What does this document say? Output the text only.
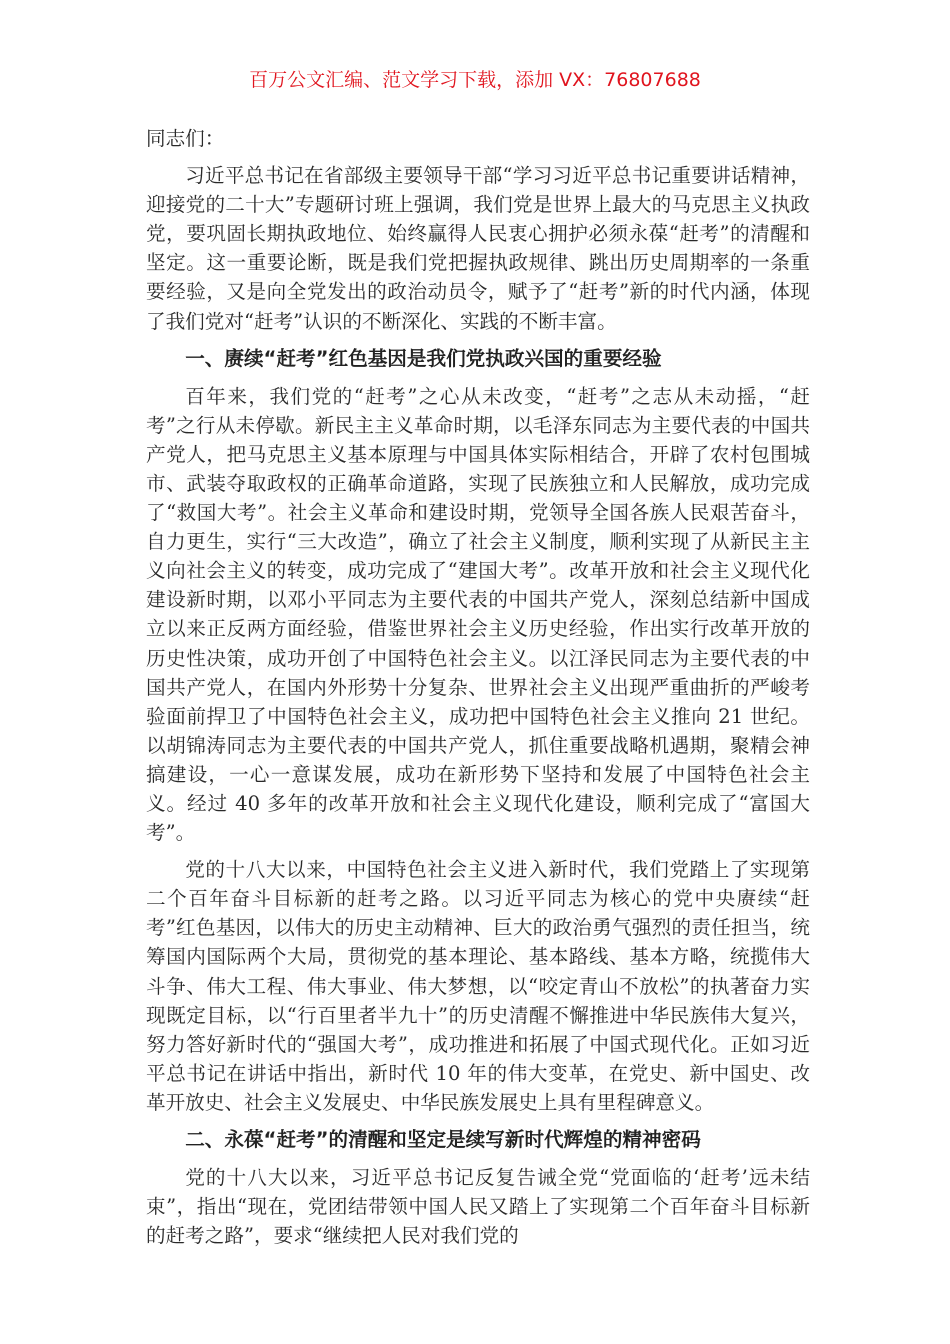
百万公文汇编、范文学习下载，添加 VX：76807688
同志们：

习近平总书记在省部级主要领导干部“学习习近平总书记重要讲话精神，迎接党的二十大”专题研讨班上强调，我们党是世界上最大的马克思主义执政党，要巩固长期执政地位、始终赢得人民衷心拥护必须永葆“赶考”的清醒和坚定。这一重要论断，既是我们党把握执政规律、跳出历史周期率的一条重要经验，又是向全党发出的政治动员令，赋予了“赶考”新的时代内涵，体现了我们党对“赶考”认识的不断深化、实践的不断丰富。

一、赓续“赶考”红色基因是我们党执政兴国的重要经验

百年来，我们党的“赶考”之心从未改变，“赶考”之志从未动摇，“赶考”之行从未停歇。新民主主义革命时期，以毛泽东同志为主要代表的中国共产党人，把马克思主义基本原理与中国具体实际相结合，开辟了农村包围城市、武装夺取政权的正确革命道路，实现了民族独立和人民解放，成功完成了“救国大考”。社会主义革命和建设时期，党领导全国各族人民艰苦奋斗，自力更生，实行“三大改造”，确立了社会主义制度，顺利实现了从新民主主义向社会主义的转变，成功完成了“建国大考”。改革开放和社会主义现代化建设新时期，以邓小平同志为主要代表的中国共产党人，深刻总结新中国成立以来正反两方面经验，借鉴世界社会主义历史经验，作出实行改革开放的历史性决策，成功开创了中国特色社会主义。以江泽民同志为主要代表的中国共产党人，在国内外形势十分复杂、世界社会主义出现严重曲折的严峻考验面前捍卫了中国特色社会主义，成功把中国特色社会主义推向 21 世纪。以胡锦涛同志为主要代表的中国共产党人，抓住重要战略机遇期，聚精会神搞建设，一心一意谋发展，成功在新形势下坚持和发展了中国特色社会主义。经过 40 多年的改革开放和社会主义现代化建设，顺利完成了“富国大考”。

党的十八大以来，中国特色社会主义进入新时代，我们党踏上了实现第二个百年奋斗目标新的赶考之路。以习近平同志为核心的党中央赓续“赶考”红色基因，以伟大的历史主动精神、巨大的政治勇气强烈的责任担当，统筹国内国际两个大局，贯彻党的基本理论、基本路线、基本方略，统揽伟大斗争、伟大工程、伟大事业、伟大梦想，以“咬定青山不放松”的执著奋力实现既定目标，以“行百里者半九十”的历史清醒不懈推进中华民族伟大复兴，努力答好新时代的“强国大考”，成功推进和拓展了中国式现代化。正如习近平总书记在讲话中指出，新时代 10 年的伟大变革，在党史、新中国史、改革开放史、社会主义发展史、中华民族发展史上具有里程碑意义。

二、永葆“赶考”的清醒和坚定是续写新时代辉煌的精神密码

党的十八大以来，习近平总书记反复告诫全党“党面临的‘赶考’远未结束”，指出“现在，党团结带领中国人民又踏上了实现第二个百年奋斗目标新的赶考之路”，要求“继续把人民对我们党的
